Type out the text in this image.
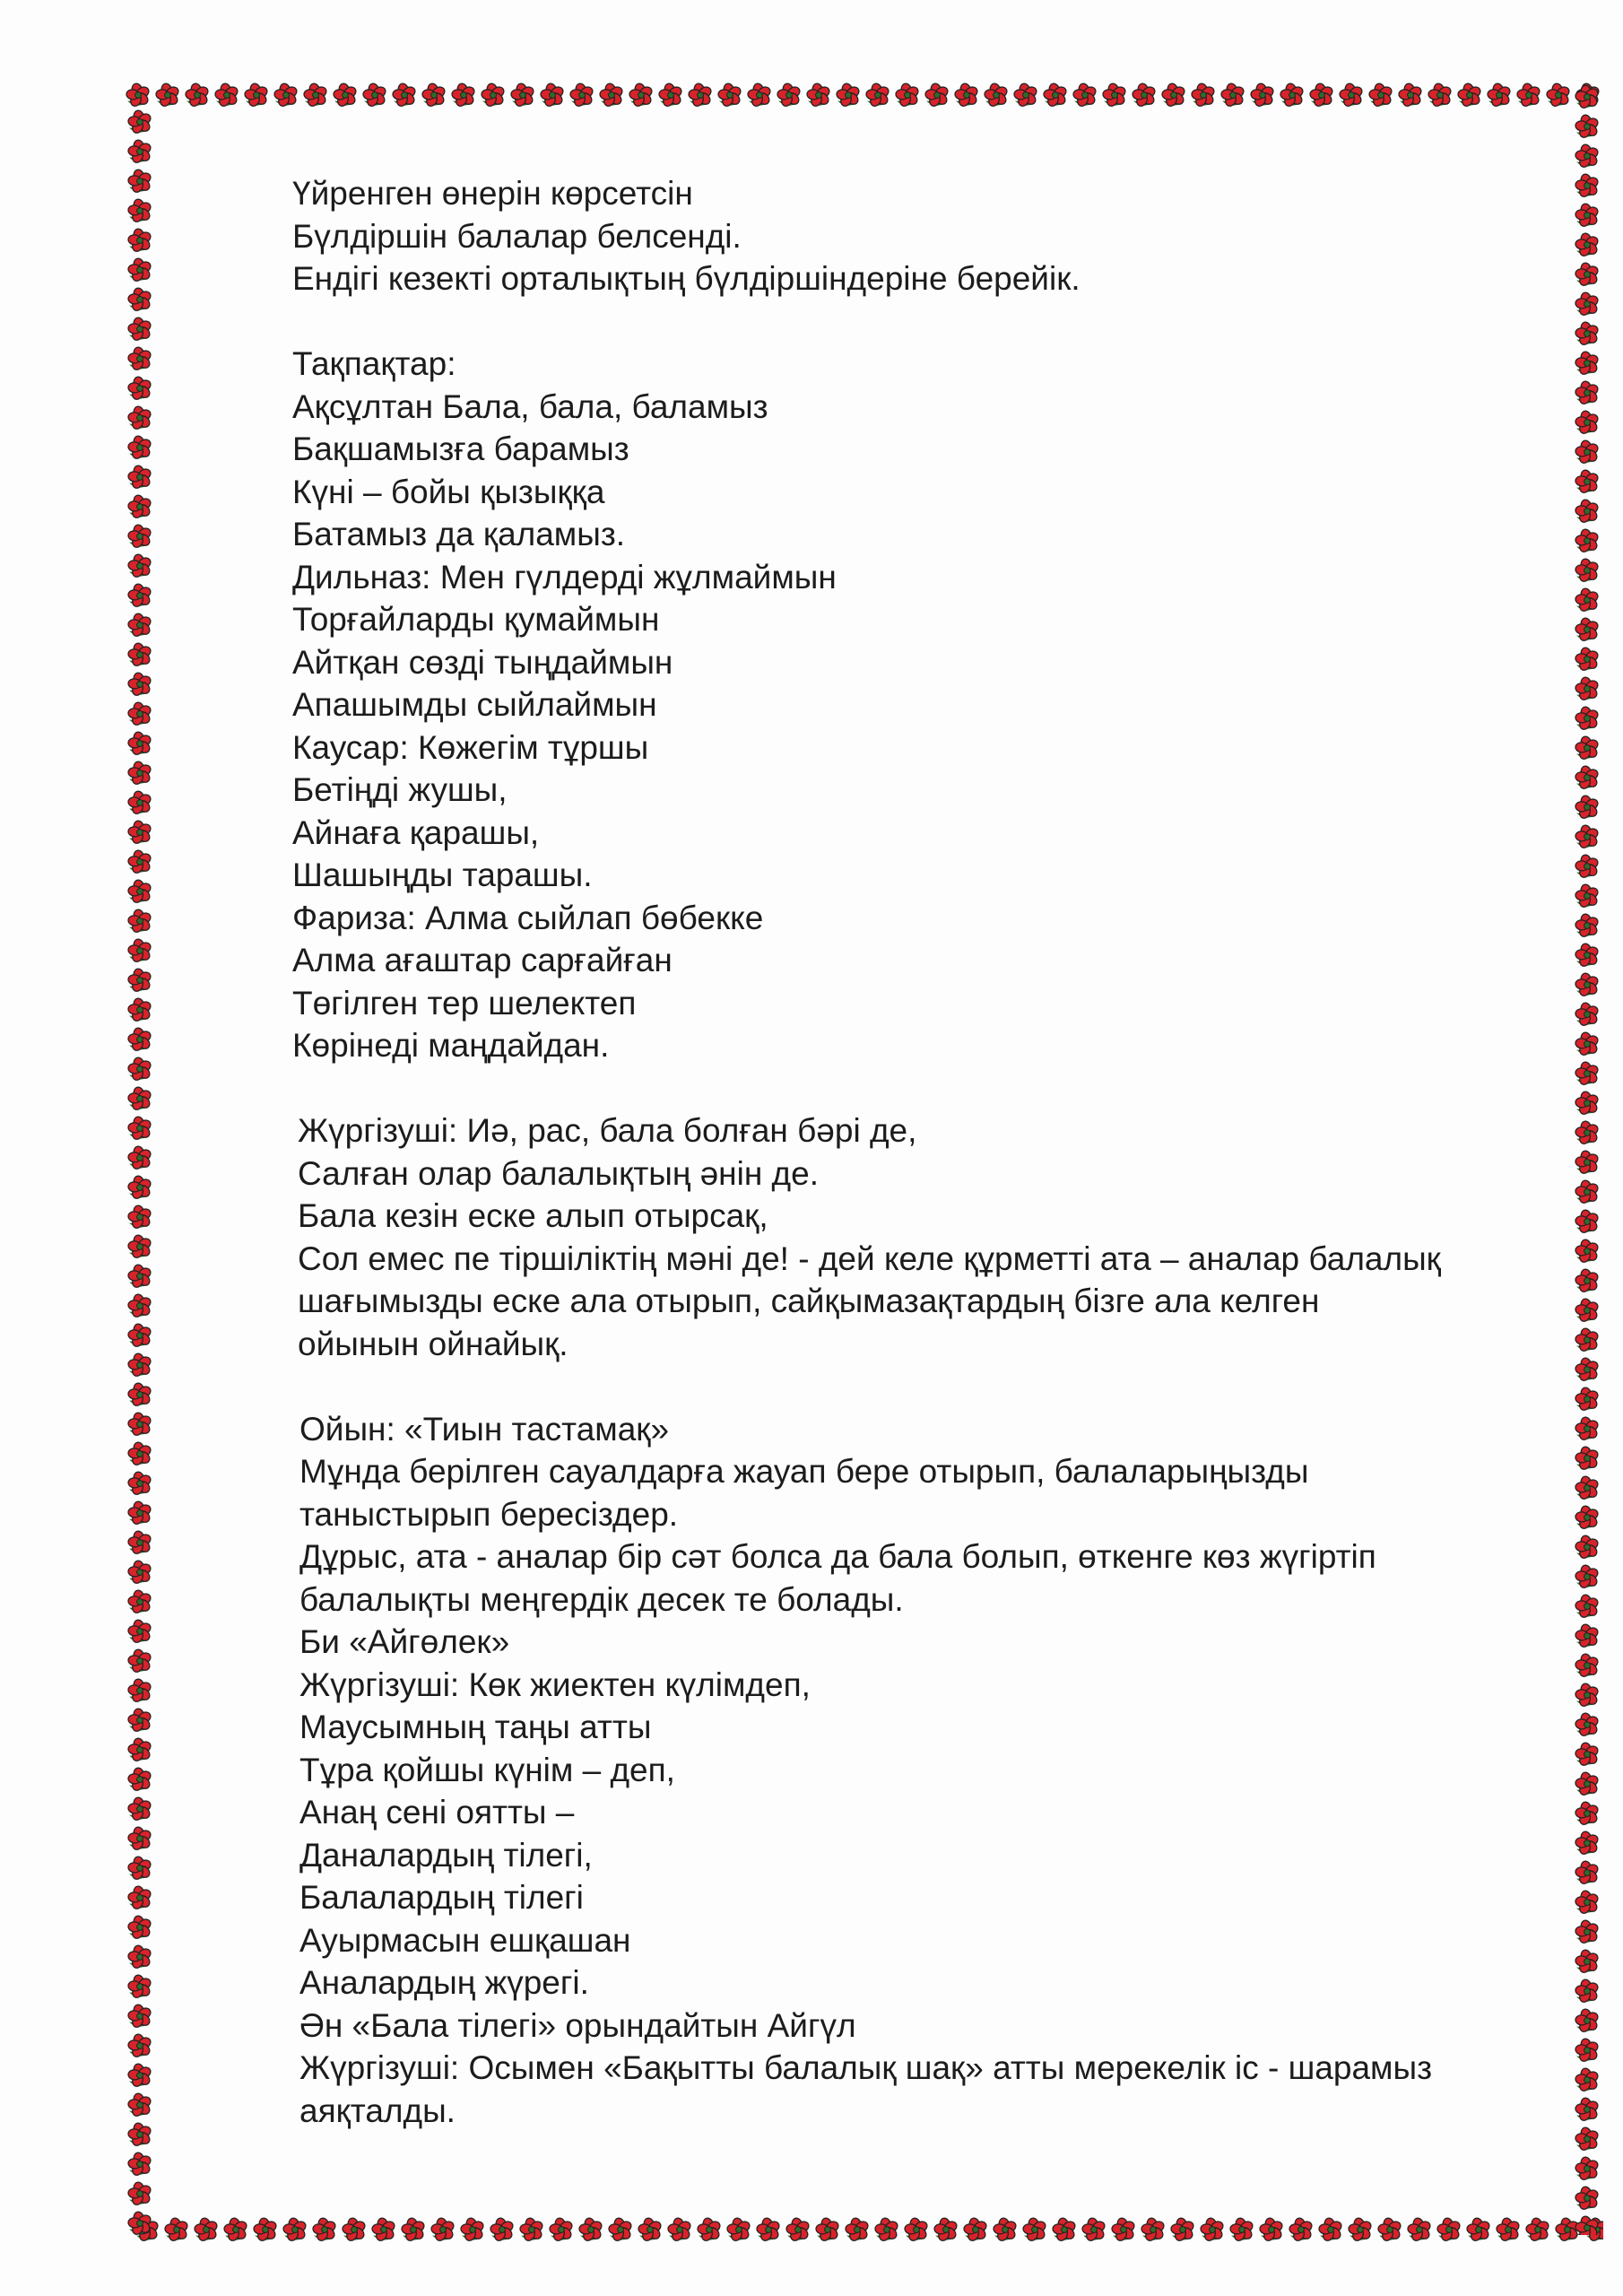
Үйренген өнерін көрсетсін

Бүлдіршін балалар белсенді.

Ендігі кезекті орталықтың бүлдіршіндеріне берейік.

Тақпақтар:

Ақсұлтан Бала, бала, баламыз

Бақшамызға барамыз

Күні – бойы қызыққа

Батамыз да қаламыз.

Дильназ: Мен гүлдерді жұлмаймын

Торғайларды қумаймын

Айтқан сөзді тыңдаймын

Апашымды сыйлаймын

Каусар: Көжегім тұршы

Бетіңді жушы,

Айнаға қарашы,

Шашыңды тарашы.

Фариза: Алма сыйлап бөбекке

Алма ағаштар сарғайған

Төгілген тер шелектеп

Көрінеді маңдайдан.

Жүргізуші: Иә, рас, бала болған бәрі де,

Салған олар балалықтың әнін де.

Бала кезін еске алып отырсақ,

Сол емес пе тіршіліктің мәні де! - дей келе құрметті ата – аналар балалық

шағымызды еске ала отырып, сайқымазақтардың бізге ала келген

ойынын ойнайық.

Ойын: «Тиын тастамақ»

Мұнда берілген сауалдарға жауап бере отырып, балаларыңызды

таныстырып бересіздер.

Дұрыс, ата - аналар бір сәт болса да бала болып, өткенге көз жүгіртіп

балалықты меңгердік десек те болады.

Би «Айгөлек»

Жүргізуші: Көк жиектен күлімдеп,

Маусымның таңы атты

Тұра қойшы күнім – деп,

Анаң сені оятты –

Даналардың тілегі,

Балалардың тілегі

Ауырмасын ешқашан

Аналардың жүрегі.

Ән «Бала тілегі» орындайтын Айгүл

Жүргізуші: Осымен «Бақытты балалық шақ» атты мерекелік іс - шарамыз

аяқталды.
